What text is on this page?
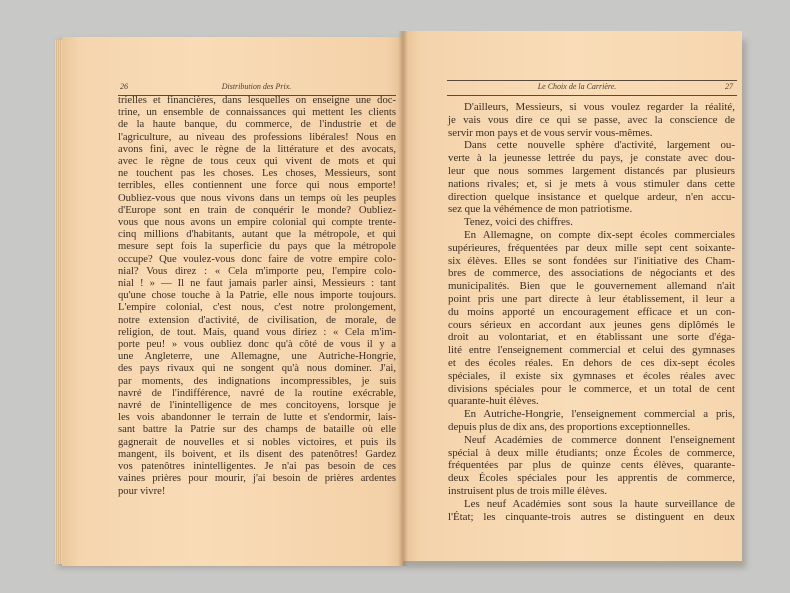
26	Distribution des Prix.
trielles et financières, dans lesquelles on enseigne une doc-
trine, un ensemble de connaissances qui mettent les clients
de la haute banque, du commerce, de l'industrie et de
l'agriculture, au niveau des professions libérales! Nous en
avons fini, avec le règne de la littérature et des avocats,
avec le règne de tous ceux qui vivent de mots et qui
ne touchent pas les choses. Les choses, Messieurs, sont
terribles, elles contiennent une force qui nous emporte!
Oubliez-vous que nous vivons dans un temps où les peuples
d'Europe sont en train de conquérir le monde? Oubliez-
vous que nous avons un empire colonial qui compte trente-
cinq millions d'habitants, autant que la métropole, et qui
mesure sept fois la superficie du pays que la métropole
occupe? Que voulez-vous donc faire de votre empire colo-
nial? Vous direz : « Cela m'importe peu, l'empire colo-
nial ! » — Il ne faut jamais parler ainsi, Messieurs : tant
qu'une chose touche à la Patrie, elle nous importe toujours.
L'empire colonial, c'est nous, c'est notre prolongement,
notre extension d'activité, de civilisation, de morale, de
religion, de tout. Mais, quand vous diriez : « Cela m'im-
porte peu! » vous oubliez donc qu'à côté de vous il y a
une Angleterre, une Allemagne, une Autriche-Hongrie,
des pays rivaux qui ne songent qu'à nous dominer. J'ai,
par moments, des indignations incompressibles, je suis
navré de l'indifférence, navré de la routine exécrable,
navré de l'inintelligence de mes concitoyens, lorsque je
les vois abandonner le terrain de lutte et s'endormir, lais-
sant battre la Patrie sur des champs de bataille où elle
gagnerait de nouvelles et si nobles victoires, et puis ils
mangent, ils boivent, et ils disent des patenôtres! Gardez
vos patenôtres inintelligentes. Je n'ai pas besoin de ces
vaines prières pour mourir, j'ai besoin de prières ardentes
pour vivre!
Le Choix de la Carrière.	27
D'ailleurs, Messieurs, si vous voulez regarder la réalité,
je vais vous dire ce qui se passe, avec la conscience de
servir mon pays et de vous servir vous-mêmes.
Dans cette nouvelle sphère d'activité, largement ou-
verte à la jeunesse lettrée du pays, je constate avec dou-
leur que nous sommes largement distancés par plusieurs
nations rivales; et, si je mets à vous stimuler dans cette
direction quelque insistance et quelque ardeur, n'en accu-
sez que la véhémence de mon patriotisme.
Tenez, voici des chiffres.
En Allemagne, on compte dix-sept écoles commerciales
supérieures, fréquentées par deux mille sept cent soixante-
six élèves. Elles se sont fondées sur l'initiative des Cham-
bres de commerce, des associations de négociants et des
municipalités. Bien que le gouvernement allemand n'ait
point pris une part directe à leur établissement, il leur a
du moins apporté un encouragement efficace et un con-
cours sérieux en accordant aux jeunes gens diplômés le
droit au volontariat, et en établissant une sorte d'éga-
lité entre l'enseignement commercial et celui des gymnases
et des écoles réales. En dehors de ces dix-sept écoles
spéciales, il existe six gymnases et écoles réales avec
divisions spéciales pour le commerce, et un total de cent
quarante-huit élèves.
En Autriche-Hongrie, l'enseignement commercial a pris,
depuis plus de dix ans, des proportions exceptionnelles.
Neuf Académies de commerce donnent l'enseignement
spécial à deux mille étudiants; onze Écoles de commerce,
fréquentées par plus de quinze cents élèves, quarante-
deux Écoles spéciales pour les apprentis de commerce,
instruisent plus de trois mille élèves.
Les neuf Académies sont sous la haute surveillance de
l'État; les cinquante-trois autres se distinguent en deux
